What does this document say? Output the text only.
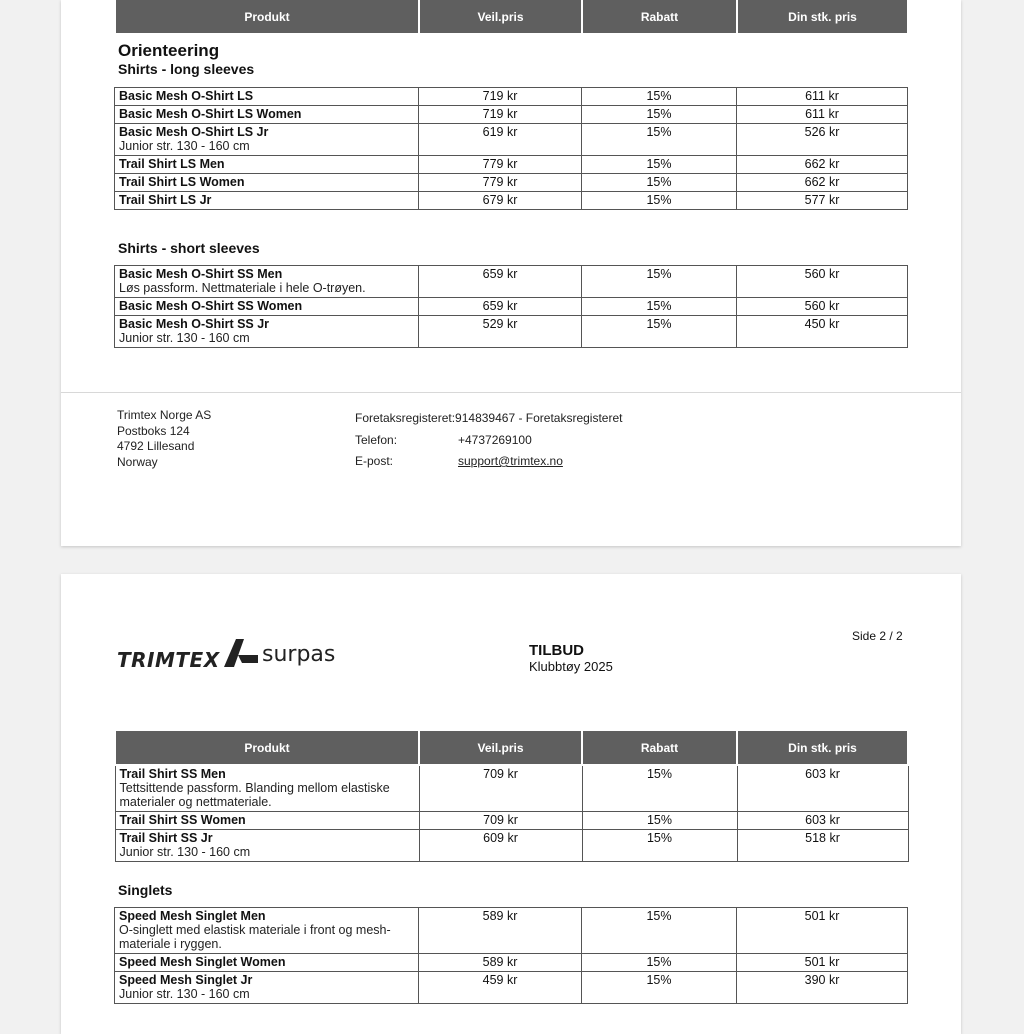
Produkt	Veil.pris	Rabatt	Din stk. pris
Orienteering
Shirts - long sleeves
Basic Mesh O-Shirt LS	719 kr	15%	611 kr

Basic Mesh O-Shirt LS Women	719 kr	15%	611 kr

Basic Mesh O-Shirt LS Jr
Junior str. 130 - 160 cm	619 kr	15%	526 kr

Trail Shirt LS Men	779 kr	15%	662 kr

Trail Shirt LS Women	779 kr	15%	662 kr

Trail Shirt LS Jr	679 kr	15%	577 kr
Shirts - short sleeves
Basic Mesh O-Shirt SS Men
Løs passform. Nettmateriale i hele O-trøyen.	659 kr	15%	560 kr

Basic Mesh O-Shirt SS Women	659 kr	15%	560 kr

Basic Mesh O-Shirt SS Jr
Junior str. 130 - 160 cm	529 kr	15%	450 kr
Trimtex Norge AS
Postboks 124
4792 Lillesand
Norway
Foretaksregisteret: 914839467 - Foretaksregisteret
Telefon:	+4737269100
E-post:	support@trimtex.no
TRIMTEX surpas	TILBUD
Klubbtøy 2025
Side 2 / 2
Produkt	Veil.pris	Rabatt	Din stk. pris

Trail Shirt SS Men
Tettsittende passform. Blanding mellom elastiske materialer og nettmateriale.	709 kr	15%	603 kr

Trail Shirt SS Women	709 kr	15%	603 kr

Trail Shirt SS Jr
Junior str. 130 - 160 cm	609 kr	15%	518 kr
Singlets
Speed Mesh Singlet Men
O-singlett med elastisk materiale i front og mesh-materiale i ryggen.	589 kr	15%	501 kr

Speed Mesh Singlet Women	589 kr	15%	501 kr

Speed Mesh Singlet Jr
Junior str. 130 - 160 cm	459 kr	15%	390 kr
